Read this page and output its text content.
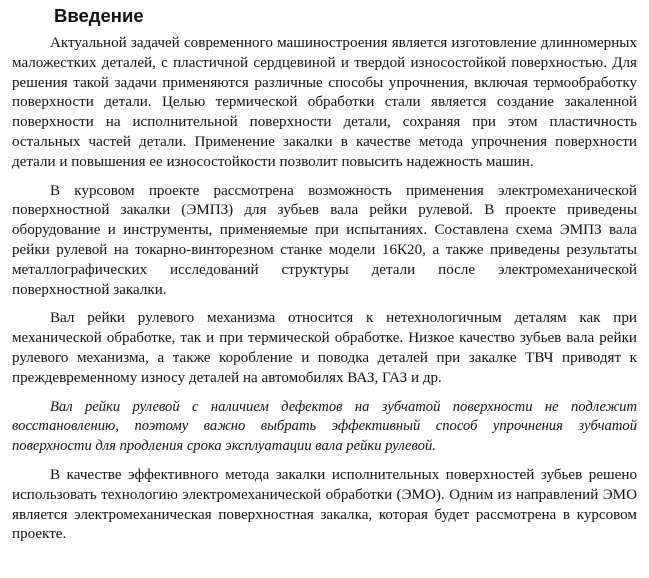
Введение

Актуальной задачей современного машиностроения является изготовление длинномерных маложестких деталей, с пластичной сердцевиной и твердой износостойкой поверхностью. Для решения такой задачи применяются различные способы упрочнения, включая термообработку поверхности детали. Целью термической обработки стали является создание закаленной поверхности на исполнительной поверхности детали, сохраняя при этом пластичность остальных частей детали. Применение закалки в качестве метода упрочнения поверхности детали и повышения ее износостойкости позволит повысить надежность машин.

В курсовом проекте рассмотрена возможность применения электромеханической поверхностной закалки (ЭМПЗ) для зубьев вала рейки рулевой. В проекте приведены оборудование и инструменты, применяемые при испытаниях. Составлена схема ЭМПЗ вала рейки рулевой на токарно-винторезном станке модели 16К20, а также приведены результаты металлографических исследований структуры детали после электромеханической поверхностной закалки.

Вал рейки рулевого механизма относится к нетехнологичным деталям как при механической обработке, так и при термической обработке. Низкое качество зубьев вала рейки рулевого механизма, а также коробление и поводка деталей при закалке ТВЧ приводят к преждевременному износу деталей на автомобилях ВАЗ, ГАЗ и др.

Вал рейки рулевой с наличием дефектов на зубчатой поверхности не подлежит восстановлению, поэтому важно выбрать эффективный способ упрочнения зубчатой поверхности для продления срока эксплуатации вала рейки рулевой.

В качестве эффективного метода закалки исполнительных поверхностей зубьев решено использовать технологию электромеханической обработки (ЭМО). Одним из направлений ЭМО является электромеханическая поверхностная закалка, которая будет рассмотрена в курсовом проекте.
